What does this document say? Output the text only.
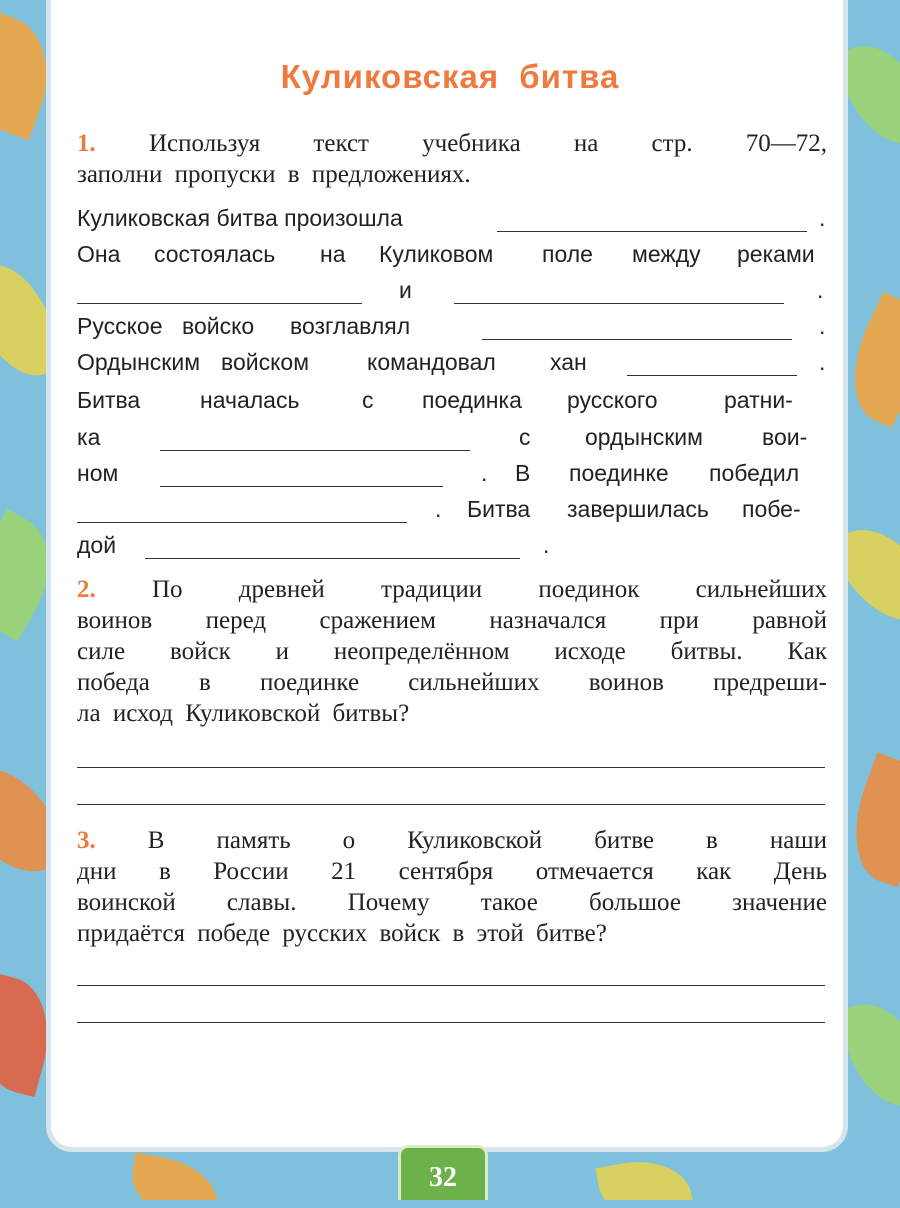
Куликовская битва
1. Используя текст учебника на стр. 70—72,
заполни пропуски в предложениях.
Куликовская битва произошла	.
Она состоялась на Куликовом поле между реками
и	.
Русское войско возглавлял	.
Ордынским войском	командовал хан	.
Битва	началась	с поединка русского	ратни-
ка	с ордынским	вои-
ном	. В поединке победил
. Битва завершилась побе-
дой	.
2. По древней традиции поединок сильнейших
воинов перед сражением назначался при равной
силе войск и неопределённом исходе битвы. Как
победа в поединке сильнейших воинов предреши-
ла исход Куликовской битвы?
3. В память о Куликовской битве в наши
дни в России 21 сентября отмечается как День
воинской славы. Почему такое большое значение
придаётся победе русских войск в этой битве?
32
